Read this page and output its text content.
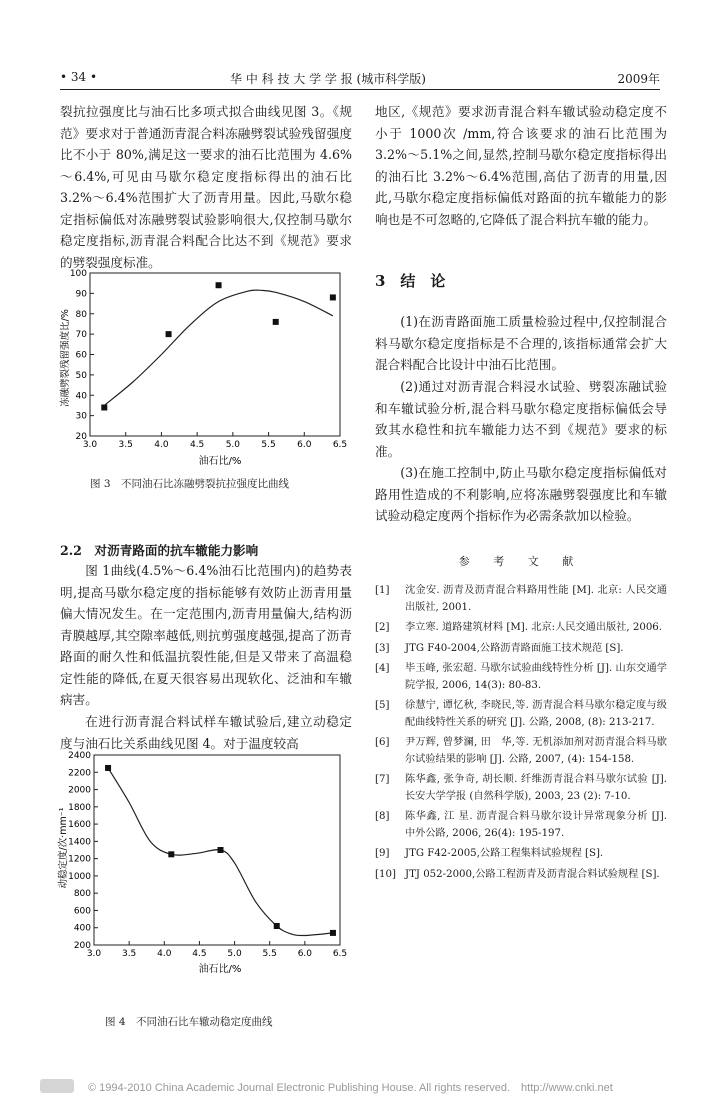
• 34 •	华 中 科 技 大 学 学 报 (城市科学版)	2009年

裂抗拉强度比与油石比多项式拟合曲线见图 3。《规范》要求对于普通沥青混合料冻融劈裂试验残留强度比不小于 80%,满足这一要求的油石比范围为 4.6%～6.4%,可见由马歇尔稳定度指标得出的油石比 3.2%～6.4%范围扩大了沥青用量。因此,马歇尔稳定指标偏低对冻融劈裂试验影响很大,仅控制马歇尔稳定度指标,沥青混合料配合比达不到《规范》要求的劈裂强度标准。

3.0 3.5 4.0 4.5 5.0 5.5 6.0 6.5
20
30
40
50
60
70
80
90
100
油石比/%
冻融劈裂残留强度比/%
图 3　不同油石比冻融劈裂抗拉强度比曲线
2.2　对沥青路面的抗车辙能力影响

图 1曲线(4.5%～6.4%油石比范围内)的趋势表明,提高马歇尔稳定度的指标能够有效防止沥青用量偏大情况发生。在一定范围内,沥青用量偏大,结构沥青膜越厚,其空隙率越低,则抗剪强度越强,提高了沥青路面的耐久性和低温抗裂性能,但是又带来了高温稳定性能的降低,在夏天很容易出现软化、泛油和车辙病害。

在进行沥青混合料试样车辙试验后,建立动稳定度与油石比关系曲线见图 4。对于温度较高

3.0 3.5 4.0 4.5 5.0 5.5 6.0 6.5
200
400
600
800
1000
1200
1400
1600
1800
2000
2200
2400
油石比/%
动稳定度/次·mm⁻¹
图 4　不同油石比车辙动稳定度曲线

地区,《规范》要求沥青混合料车辙试验动稳定度不小于 1000次 /mm,符合该要求的油石比范围为 3.2%～5.1%之间,显然,控制马歇尔稳定度指标得出的油石比 3.2%～6.4%范围,高估了沥青的用量,因此,马歇尔稳定度指标偏低对路面的抗车辙能力的影响也是不可忽略的,它降低了混合料抗车辙的能力。

3　结　论

(1)在沥青路面施工质量检验过程中,仅控制混合料马歇尔稳定度指标是不合理的,该指标通常会扩大混合料配合比设计中油石比范围。

(2)通过对沥青混合料浸水试验、劈裂冻融试验和车辙试验分析,混合料马歇尔稳定度指标偏低会导致其水稳性和抗车辙能力达不到《规范》要求的标准。

(3)在施工控制中,防止马歇尔稳定度指标偏低对路用性造成的不利影响,应将冻融劈裂强度比和车辙试验动稳定度两个指标作为必需条款加以检验。

参 考 文 献
[1] 沈金安. 沥青及沥青混合料路用性能 [M]. 北京: 人民交通出版社, 2001.
[2] 李立寒. 道路建筑材料 [M]. 北京:人民交通出版社, 2006.
[3] JTG F40-2004,公路沥青路面施工技术规范 [S].
[4] 毕玉峰, 张宏超. 马歇尔试验曲线特性分析 [J]. 山东交通学院学报, 2006, 14(3): 80-83.
[5] 徐慧宁, 谭忆秋, 李晓民,等. 沥青混合料马歇尔稳定度与级配曲线特性关系的研究 [J]. 公路, 2008, (8): 213-217.
[6] 尹万辉, 曾梦澜, 田　华,等. 无机添加剂对沥青混合料马歇尔试验结果的影响 [J]. 公路, 2007, (4): 154-158.
[7] 陈华鑫, 张争奇, 胡长顺. 纤维沥青混合料马歇尔试验 [J]. 长安大学学报 (自然科学版), 2003, 23 (2): 7-10.
[8] 陈华鑫, 江 星. 沥青混合料马歇尔设计异常现象分析 [J]. 中外公路, 2006, 26(4): 195-197.
[9] JTG F42-2005,公路工程集料试验规程 [S].
[10] JTJ 052-2000,公路工程沥青及沥青混合料试验规程 [S].
© 1994-2010 China Academic Journal Electronic Publishing House. All rights reserved.　http://www.cnki.net
